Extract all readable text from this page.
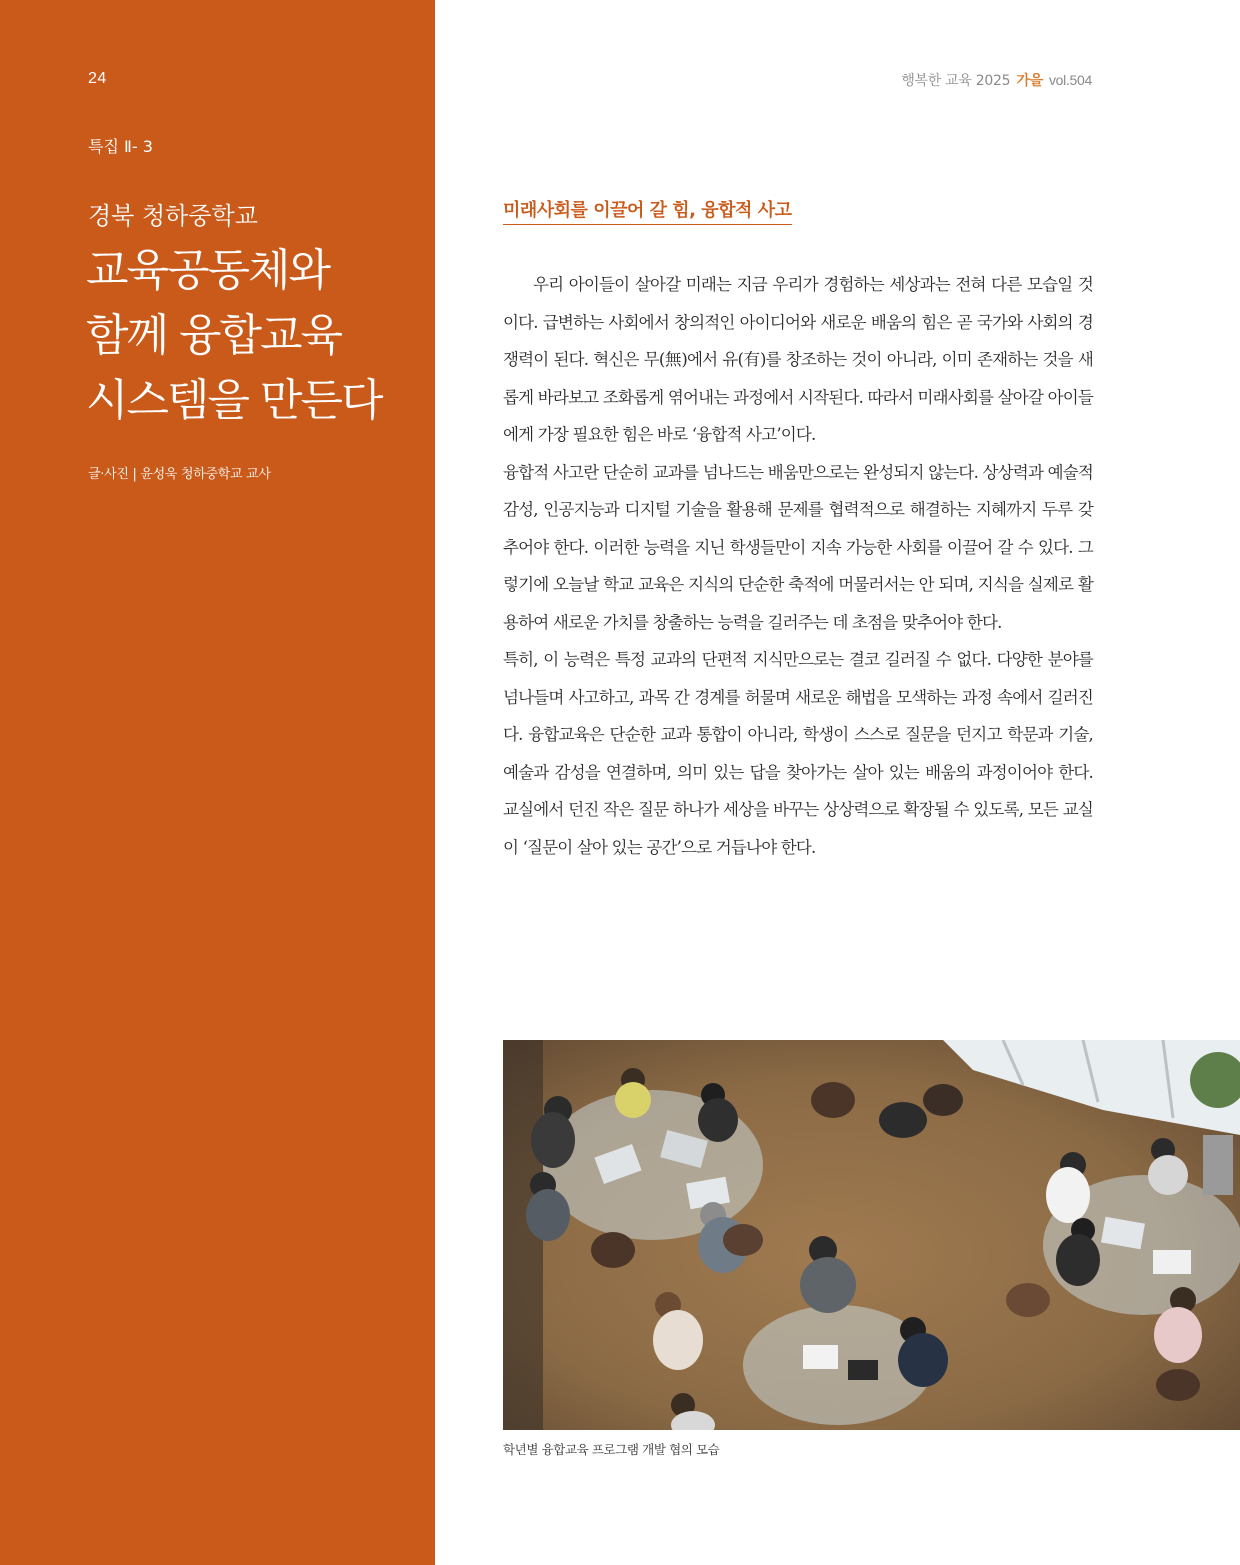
24
특집 Ⅱ- 3
경북 청하중학교
교육공동체와
함께 융합교육
시스템을 만든다
글·사진 | 윤성욱 청하중학교 교사
행복한 교육 2025 가을 vol.504
미래사회를 이끌어 갈 힘, 융합적 사고

우리 아이들이 살아갈 미래는 지금 우리가 경험하는 세상과는 전혀 다른 모습일 것이다. 급변하는 사회에서 창의적인 아이디어와 새로운 배움의 힘은 곧 국가와 사회의 경쟁력이 된다. 혁신은 무(無)에서 유(有)를 창조하는 것이 아니라, 이미 존재하는 것을 새롭게 바라보고 조화롭게 엮어내는 과정에서 시작된다. 따라서 미래사회를 살아갈 아이들에게 가장 필요한 힘은 바로 ‘융합적 사고’이다.

융합적 사고란 단순히 교과를 넘나드는 배움만으로는 완성되지 않는다. 상상력과 예술적 감성, 인공지능과 디지털 기술을 활용해 문제를 협력적으로 해결하는 지혜까지 두루 갖추어야 한다. 이러한 능력을 지닌 학생들만이 지속 가능한 사회를 이끌어 갈 수 있다. 그렇기에 오늘날 학교 교육은 지식의 단순한 축적에 머물러서는 안 되며, 지식을 실제로 활용하여 새로운 가치를 창출하는 능력을 길러주는 데 초점을 맞추어야 한다.

특히, 이 능력은 특정 교과의 단편적 지식만으로는 결코 길러질 수 없다. 다양한 분야를 넘나들며 사고하고, 과목 간 경계를 허물며 새로운 해법을 모색하는 과정 속에서 길러진다. 융합교육은 단순한 교과 통합이 아니라, 학생이 스스로 질문을 던지고 학문과 기술, 예술과 감성을 연결하며, 의미 있는 답을 찾아가는 살아 있는 배움의 과정이어야 한다. 교실에서 던진 작은 질문 하나가 세상을 바꾸는 상상력으로 확장될 수 있도록, 모든 교실이 ‘질문이 살아 있는 공간’으로 거듭나야 한다.

학년별 융합교육 프로그램 개발 협의 모습
